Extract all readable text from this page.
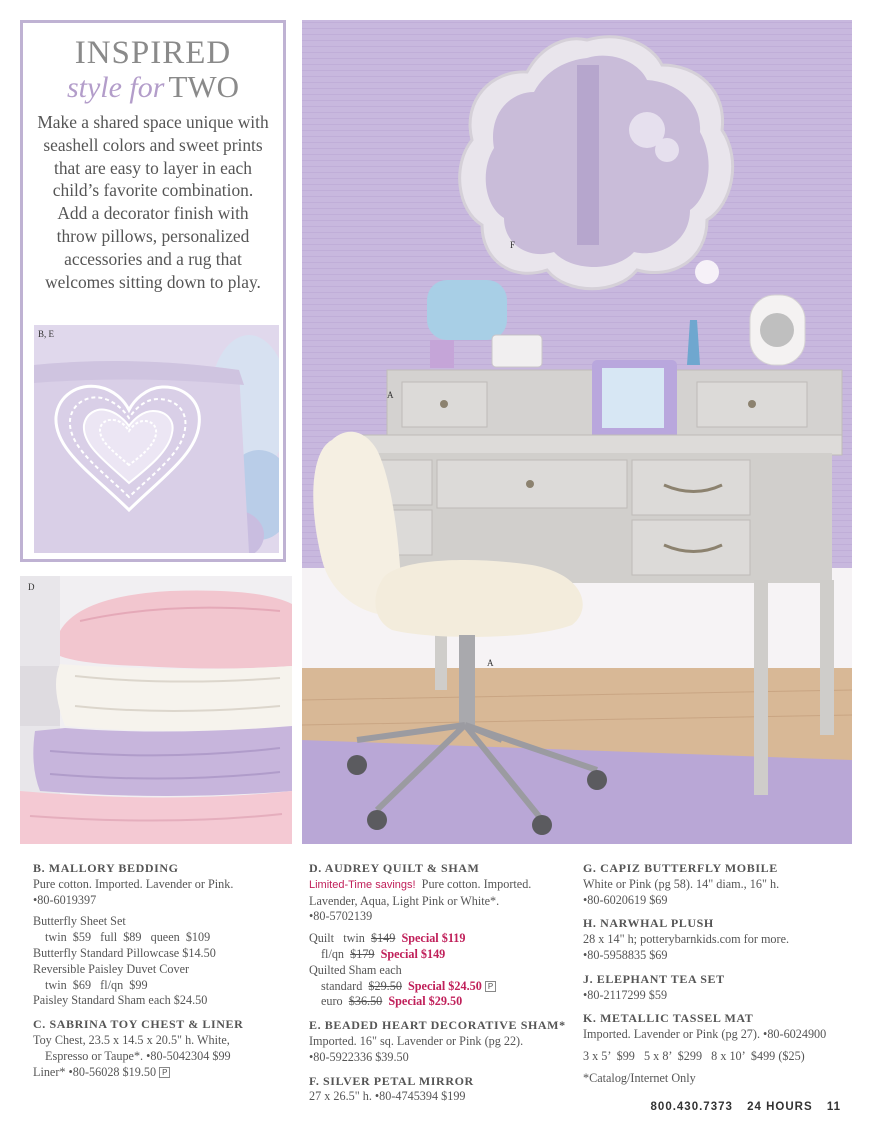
INSPIRED
style for TWO
Make a shared space unique with seashell colors and sweet prints that are easy to layer in each child’s favorite combination. Add a decorator finish with throw pillows, personalized accessories and a rug that welcomes sitting down to play.
B, E
D
F
A
A
B. MALLORY BEDDING
Pure cotton. Imported. Lavender or Pink.
•80-6019397
Butterfly Sheet Set
twin  $59   full  $89   queen  $109
Butterfly Standard Pillowcase $14.50
Reversible Paisley Duvet Cover
twin  $69   fl/qn  $99
Paisley Standard Sham each $24.50
C. SABRINA TOY CHEST & LINER
Toy Chest, 23.5 x 14.5 x 20.5" h. White,
Espresso or Taupe*. •80-5042304 $99
Liner* •80-56028 $19.50 P
D. AUDREY QUILT & SHAM
Limited-Time savings! Pure cotton. Imported.
Lavender, Aqua, Light Pink or White*.
•80-5702139
Quilt   twin $149 Special $119
fl/qn $179 Special $149
Quilted Sham each
standard $29.50 Special $24.50 P
euro $36.50 Special $29.50
E. BEADED HEART DECORATIVE SHAM*
Imported. 16" sq. Lavender or Pink (pg 22).
•80-5922336 $39.50
F. SILVER PETAL MIRROR
27 x 26.5" h. •80-4745394 $199
G. CAPIZ BUTTERFLY MOBILE
White or Pink (pg 58). 14" diam., 16" h.
•80-6020619 $69
H. NARWHAL PLUSH
28 x 14" h; potterybarnkids.com for more.
•80-5958835 $69
J. ELEPHANT TEA SET
•80-2117299 $59
K. METALLIC TASSEL MAT
Imported. Lavender or Pink (pg 27). •80-6024900
3 x 5’  $99   5 x 8’  $299   8 x 10’  $499 ($25)
*Catalog/Internet Only
800.430.7373 24 HOURS 11
